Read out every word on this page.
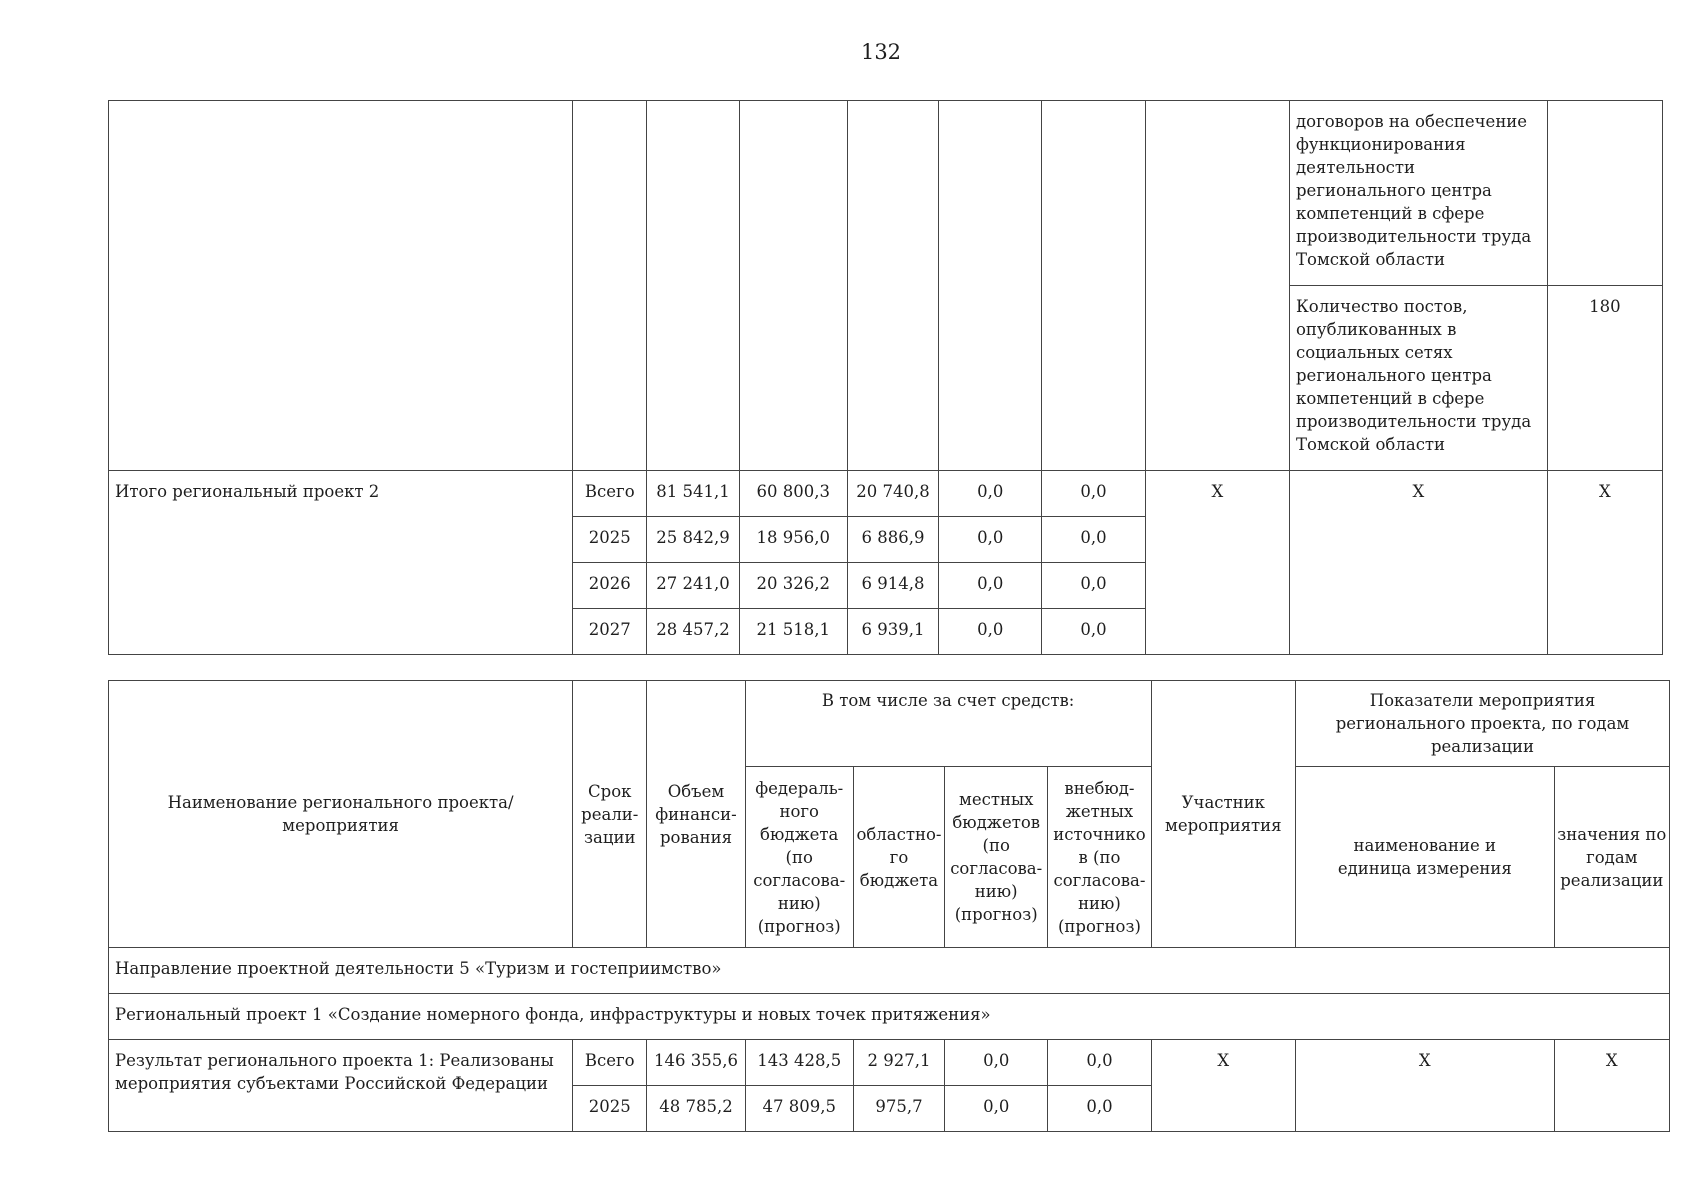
132
								договоров на обеспечение функционирования деятельности регионального центра компетенций в сфере производительности труда Томской области	
								Количество постов, опубликованных в социальных сетях регионального центра компетенций в сфере производительности труда Томской области	180
Итого региональный проект 2	Всего	81 541,1	60 800,3	20 740,8	0,0	0,0	X	X	X
	2025	25 842,9	18 956,0	6 886,9	0,0	0,0			
	2026	27 241,0	20 326,2	6 914,8	0,0	0,0			
	2027	28 457,2	21 518,1	6 939,1	0,0	0,0			
Наименование регионального проекта/мероприятия	Срок реали-зации	Объем финанси-рования	В том числе за счет средств:				Участник мероприятия	Показатели мероприятия регионального проекта, по годам реализации	
			федераль-ного бюджета (по согласова-нию) (прогноз)	областно-го бюджета	местных бюджетов (по согласова-нию) (прогноз)	внебюд-жетных источников (по согласова-нию) (прогноз)		наименование и единица измерения	значения по годам реализации
Направление проектной деятельности 5 «Туризм и гостеприимство»									
Региональный проект 1 «Создание номерного фонда, инфраструктуры и новых точек притяжения»									
Результат регионального проекта 1: Реализованы мероприятия субъектами Российской Федерации	Всего	146 355,6	143 428,5	2 927,1	0,0	0,0	X	X	X
	2025	48 785,2	47 809,5	975,7	0,0	0,0			
